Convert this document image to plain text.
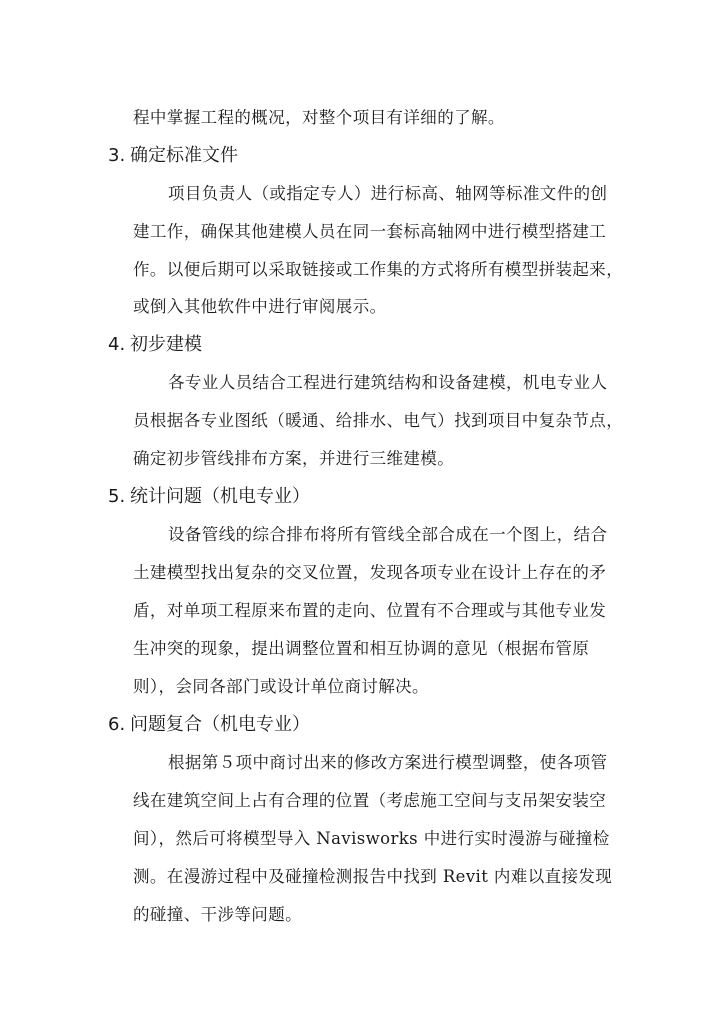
程中掌握工程的概况，对整个项目有详细的了解。
3. 确定标准文件
项目负责人（或指定专人）进行标高、轴网等标准文件的创
建工作，确保其他建模人员在同一套标高轴网中进行模型搭建工
作。以便后期可以采取链接或工作集的方式将所有模型拼装起来，
或倒入其他软件中进行审阅展示。
4. 初步建模
各专业人员结合工程进行建筑结构和设备建模，机电专业人
员根据各专业图纸（暖通、给排水、电气）找到项目中复杂节点，
确定初步管线排布方案，并进行三维建模。
5. 统计问题（机电专业）
设备管线的综合排布将所有管线全部合成在一个图上，结合
土建模型找出复杂的交叉位置，发现各项专业在设计上存在的矛
盾，对单项工程原来布置的走向、位置有不合理或与其他专业发
生冲突的现象，提出调整位置和相互协调的意见（根据布管原
则），会同各部门或设计单位商讨解决。
6. 问题复合（机电专业）
根据第５项中商讨出来的修改方案进行模型调整，使各项管
线在建筑空间上占有合理的位置（考虑施工空间与支吊架安装空
间），然后可将模型导入 Navisworks 中进行实时漫游与碰撞检
测。在漫游过程中及碰撞检测报告中找到 Revit 内难以直接发现
的碰撞、干涉等问题。
